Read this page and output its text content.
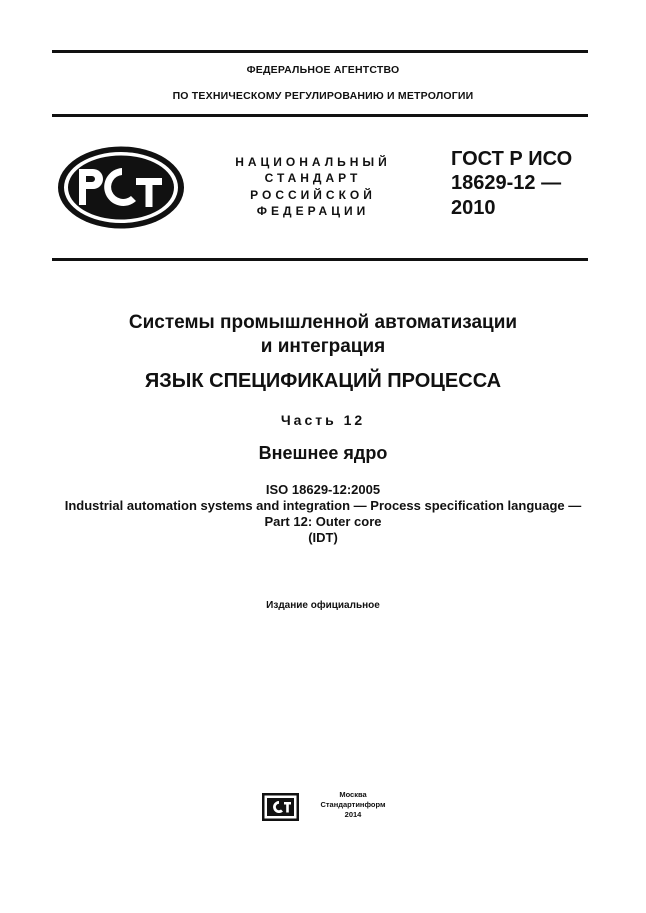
ФЕДЕРАЛЬНОЕ АГЕНТСТВО
ПО ТЕХНИЧЕСКОМУ РЕГУЛИРОВАНИЮ И МЕТРОЛОГИИ
НАЦИОНАЛЬНЫЙ
СТАНДАРТ
РОССИЙСКОЙ
ФЕДЕРАЦИИ
ГОСТ Р ИСО
18629-12 —
2010
Системы промышленной автоматизации
и интеграция
ЯЗЫК СПЕЦИФИКАЦИЙ ПРОЦЕССА
Часть 12
Внешнее ядро
ISO 18629-12:2005
Industrial automation systems and integration — Process specification language —
Part 12: Outer core
(IDT)
Издание официальное
Москва
Стандартинформ
2014
